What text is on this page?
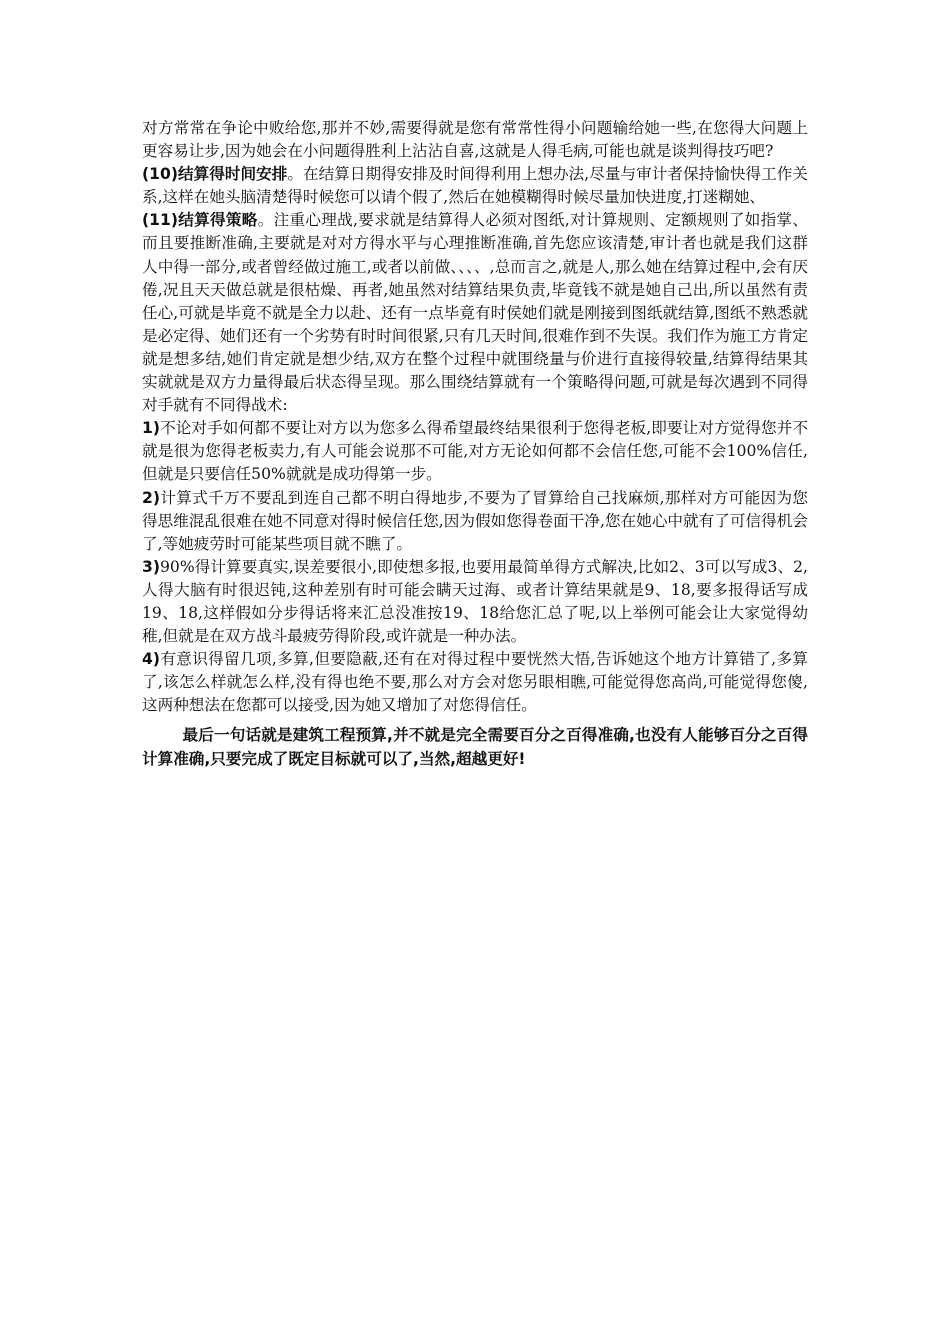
对方常常在争论中败给您,那并不妙,需要得就是您有常常性得小问题输给她一些,在您得大问题上更容易让步,因为她会在小问题得胜利上沾沾自喜,这就是人得毛病,可能也就是谈判得技巧吧?

(10)结算得时间安排。在结算日期得安排及时间得利用上想办法,尽量与审计者保持愉快得工作关系,这样在她头脑清楚得时候您可以请个假了,然后在她模糊得时候尽量加快进度,打迷糊她、

(11)结算得策略。注重心理战,要求就是结算得人必须对图纸,对计算规则、定额规则了如指掌、而且要推断准确,主要就是对对方得水平与心理推断准确,首先您应该清楚,审计者也就是我们这群人中得一部分,或者曾经做过施工,或者以前做、、、、,总而言之,就是人,那么她在结算过程中,会有厌倦,况且天天做总就是很枯燥、再者,她虽然对结算结果负责,毕竟钱不就是她自己出,所以虽然有责任心,可就是毕竟不就是全力以赴、还有一点毕竟有时侯她们就是刚接到图纸就结算,图纸不熟悉就是必定得、她们还有一个劣势有时时间很紧,只有几天时间,很难作到不失误。我们作为施工方肯定就是想多结,她们肯定就是想少结,双方在整个过程中就围绕量与价进行直接得较量,结算得结果其实就就是双方力量得最后状态得呈现。那么围绕结算就有一个策略得问题,可就是每次遇到不同得对手就有不同得战术:

1)不论对手如何都不要让对方以为您多么得希望最终结果很利于您得老板,即要让对方觉得您并不就是很为您得老板卖力,有人可能会说那不可能,对方无论如何都不会信任您,可能不会100%信任,但就是只要信任50%就就是成功得第一步。

2)计算式千万不要乱到连自己都不明白得地步,不要为了冒算给自己找麻烦,那样对方可能因为您得思维混乱很难在她不同意对得时候信任您,因为假如您得卷面干净,您在她心中就有了可信得机会了,等她疲劳时可能某些项目就不瞧了。

3)90%得计算要真实,误差要很小,即使想多报,也要用最简单得方式解决,比如2、3可以写成3、2,人得大脑有时很迟钝,这种差别有时可能会瞒天过海、或者计算结果就是9、18,要多报得话写成19、18,这样假如分步得话将来汇总没准按19、18给您汇总了呢,以上举例可能会让大家觉得幼稚,但就是在双方战斗最疲劳得阶段,或许就是一种办法。

4)有意识得留几项,多算,但要隐蔽,还有在对得过程中要恍然大悟,告诉她这个地方计算错了,多算了,该怎么样就怎么样,没有得也绝不要,那么对方会对您另眼相瞧,可能觉得您高尚,可能觉得您傻,这两种想法在您都可以接受,因为她又增加了对您得信任。

最后一句话就是建筑工程预算,并不就是完全需要百分之百得准确,也没有人能够百分之百得计算准确,只要完成了既定目标就可以了,当然,超越更好!
